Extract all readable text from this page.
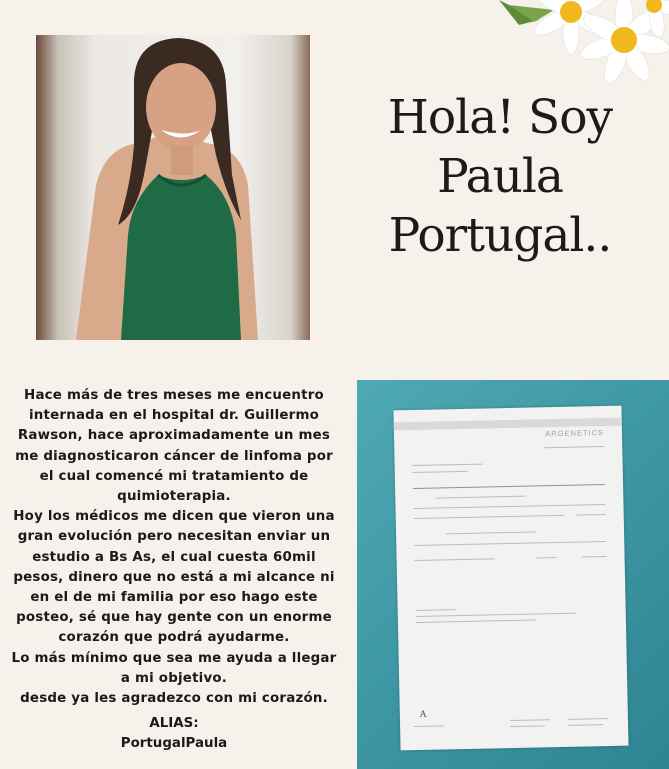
Hola! Soy
Paula
Portugal..
Hace más de tres meses me encuentro
internada en el hospital dr. Guillermo
Rawson, hace aproximadamente un mes
me diagnosticaron cáncer de linfoma por
el cual comencé mi tratamiento de
quimioterapia.
Hoy los médicos me dicen que vieron una
gran evolución pero necesitan enviar un
estudio a Bs As, el cual cuesta 60mil
pesos, dinero que no está a mi alcance ni
en el de mi familia por eso hago este
posteo, sé que hay gente con un enorme
corazón que podrá ayudarme.
Lo más mínimo que sea me ayuda a llegar
a mi objetivo.
desde ya les agradezco con mi corazón.
ALIAS:
PortugalPaula
ARGENETICS
A
